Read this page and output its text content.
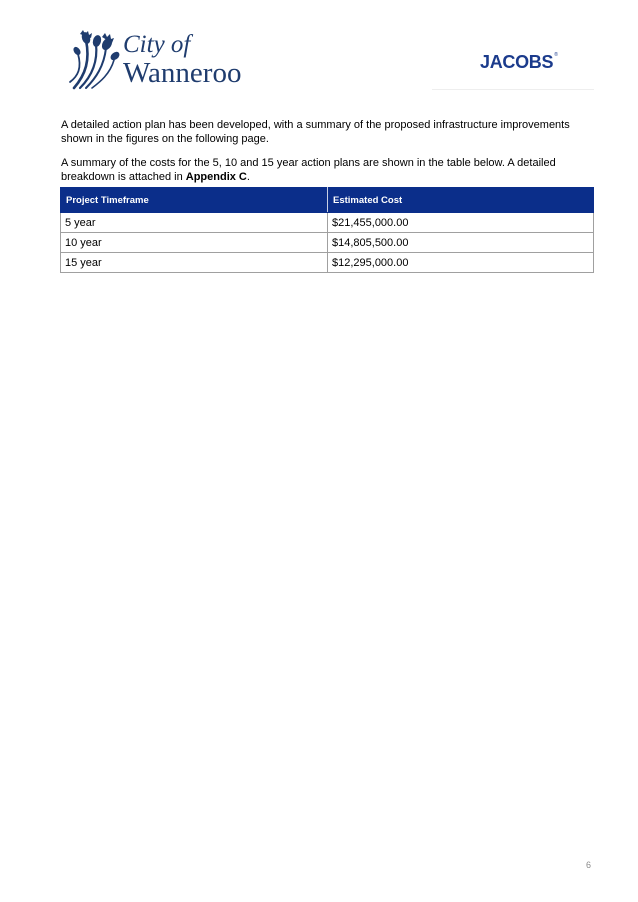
City of
Wanneroo	JACOBS®

A detailed action plan has been developed, with a summary of the proposed infrastructure improvements shown in the figures on the following page.

A summary of the costs for the 5, 10 and 15 year action plans are shown in the table below. A detailed breakdown is attached in Appendix C.

Project Timeframe	Estimated Cost
5 year	$21,455,000.00
10 year	$14,805,500.00
15 year	$12,295,000.00
6
